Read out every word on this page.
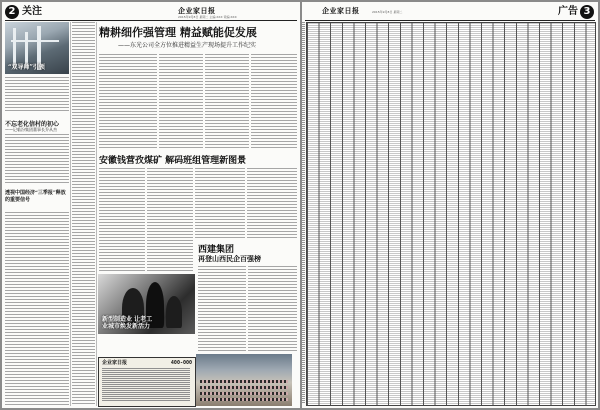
2 关注	企业家日报
2015年9月8日 星期二 主编:XXX 责编:XXX
“双导师”引领
不忘老化信村的初心
——记临汾集团董事长乔从杰
透视中国经济“三季报”释放的重要信号
精耕细作强管理 精益赋能促发展
——东光公司全方位推进精益生产现场提升工作纪实
安徽钱营孜煤矿 解码班组管理新图景
西建集团
再登山西民企百强榜
新型制造业 让老工业城市焕发新活力
企业家日报	400-000
企业家日报	2015年9月8日 星期二	广告 3
